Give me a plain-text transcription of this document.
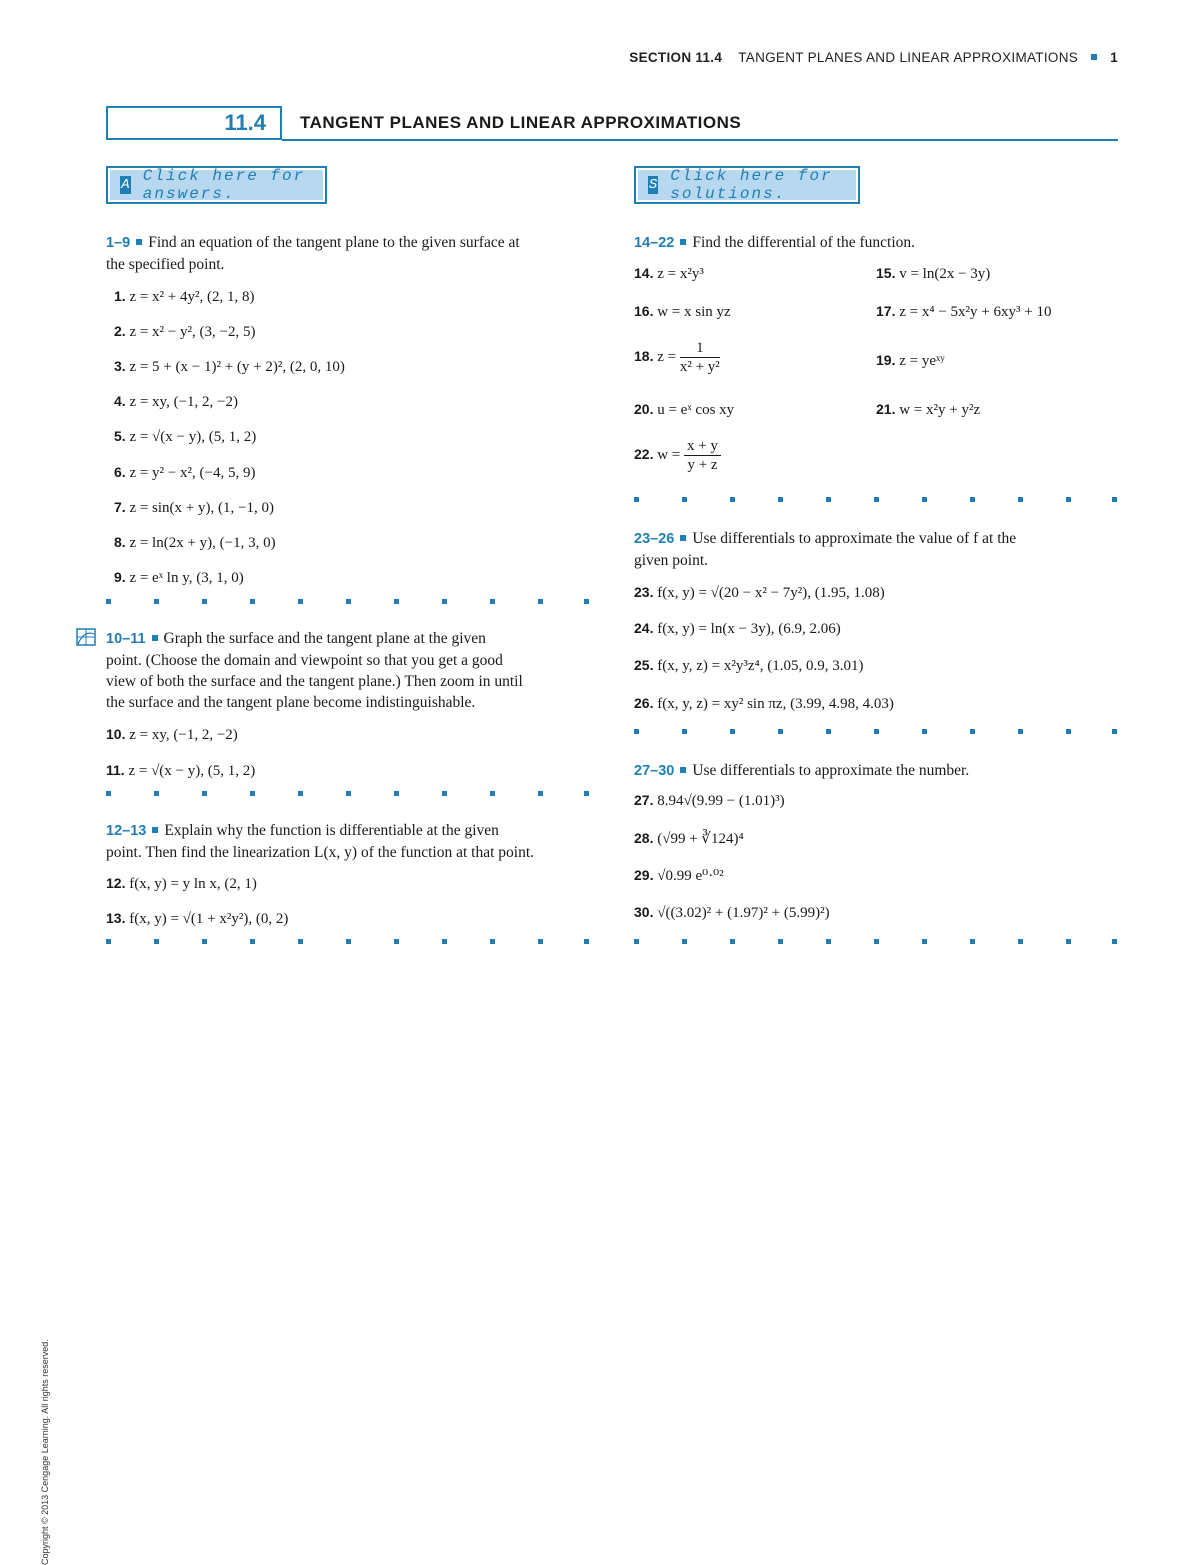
SECTION 11.4 TANGENT PLANES AND LINEAR APPROXIMATIONS 1
11.4	TANGENT PLANES AND LINEAR APPROXIMATIONS
A Click here for answers.	S Click here for solutions.
1–9 Find an equation of the tangent plane to the given surface at
the specified point.
1. z = x² + 4y², (2, 1, 8)
2. z = x² − y², (3, −2, 5)
3. z = 5 + (x − 1)² + (y + 2)², (2, 0, 10)
4. z = xy, (−1, 2, −2)
5. z = √(x − y), (5, 1, 2)
6. z = y² − x², (−4, 5, 9)
7. z = sin(x + y), (1, −1, 0)
8. z = ln(2x + y), (−1, 3, 0)
9. z = eˣ ln y, (3, 1, 0)
10–11 Graph the surface and the tangent plane at the given
point. (Choose the domain and viewpoint so that you get a good
view of both the surface and the tangent plane.) Then zoom in until
the surface and the tangent plane become indistinguishable.
10. z = xy, (−1, 2, −2)
11. z = √(x − y), (5, 1, 2)
12–13 Explain why the function is differentiable at the given
point. Then find the linearization L(x, y) of the function at that point.
12. f(x, y) = y ln x, (2, 1)
13. f(x, y) = √(1 + x²y²), (0, 2)
14–22 Find the differential of the function.
14. z = x²y³	15. v = ln(2x − 3y)
16. w = x sin yz	17. z = x⁴ − 5x²y + 6xy³ + 10
18. $z = \frac{1}{\text{x² + y²}}$	19. z = yeˣʸ
20. u = eˣ cos xy	21. w = x²y + y²z
22. $w = \frac{x + y}{y + z}$
23–26 Use differentials to approximate the value of f at the
given point.
23. f(x, y) = √(20 − x² − 7y²), (1.95, 1.08)
24. f(x, y) = ln(x − 3y), (6.9, 2.06)
25. f(x, y, z) = x²y³z⁴, (1.05, 0.9, 3.01)
26. f(x, y, z) = xy² sin πz, (3.99, 4.98, 4.03)
27–30 Use differentials to approximate the number.
27. 8.94√(9.99 − (1.01)³)
28. (√99 + ∛124)⁴
29. √0.99 e⁰·⁰²
30. √((3.02)² + (1.97)² + (5.99)²)
Copyright © 2013 Cengage Learning. All rights reserved.
